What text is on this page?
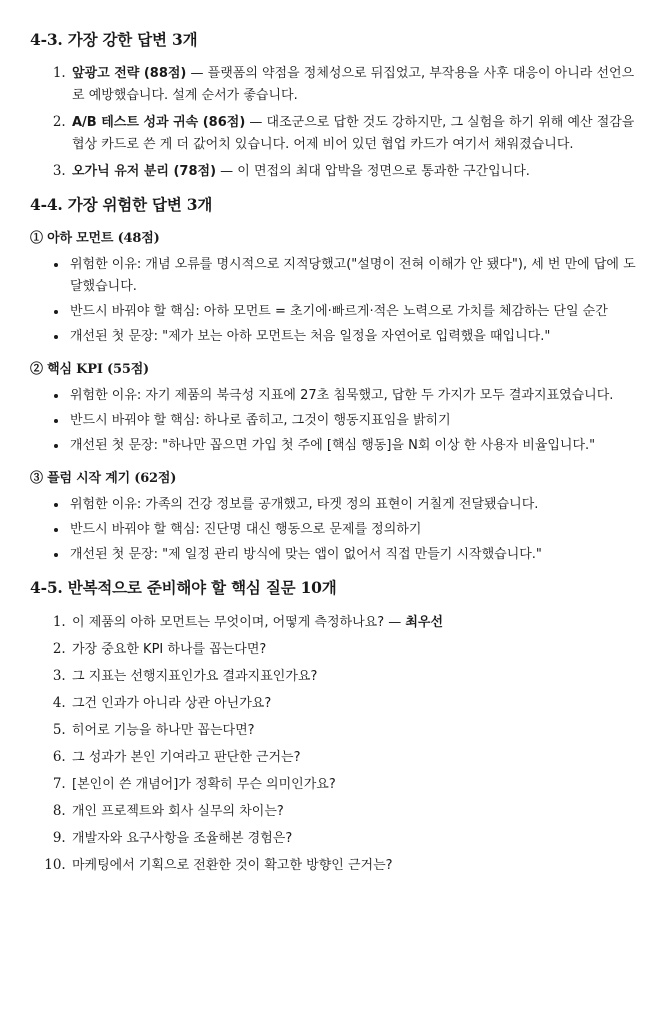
4-3. 가장 강한 답변 3개
1. 앞광고 전략 (88점) — 플랫폼의 약점을 정체성으로 뒤집었고, 부작용을 사후 대응이 아니라 선언으로 예방했습니다. 설계 순서가 좋습니다.
2. A/B 테스트 성과 귀속 (86점) — 대조군으로 답한 것도 강하지만, 그 실험을 하기 위해 예산 절감을 협상 카드로 쓴 게 더 값어치 있습니다. 어제 비어 있던 협업 카드가 여기서 채워졌습니다.
3. 오가닉 유저 분리 (78점) — 이 면접의 최대 압박을 정면으로 통과한 구간입니다.
4-4. 가장 위험한 답변 3개
① 아하 모먼트 (48점)
• 위험한 이유: 개념 오류를 명시적으로 지적당했고("설명이 전혀 이해가 안 됐다"), 세 번 만에 답에 도달했습니다.
• 반드시 바꿔야 할 핵심: 아하 모먼트 = 초기에·빠르게·적은 노력으로 가치를 체감하는 단일 순간
• 개선된 첫 문장: "제가 보는 아하 모먼트는 처음 일정을 자연어로 입력했을 때입니다."
② 핵심 KPI (55점)
• 위험한 이유: 자기 제품의 북극성 지표에 27초 침묵했고, 답한 두 가지가 모두 결과지표였습니다.
• 반드시 바꿔야 할 핵심: 하나로 좁히고, 그것이 행동지표임을 밝히기
• 개선된 첫 문장: "하나만 꼽으면 가입 첫 주에 [핵심 행동]을 N회 이상 한 사용자 비율입니다."
③ 플럼 시작 계기 (62점)
• 위험한 이유: 가족의 건강 정보를 공개했고, 타겟 정의 표현이 거칠게 전달됐습니다.
• 반드시 바꿔야 할 핵심: 진단명 대신 행동으로 문제를 정의하기
• 개선된 첫 문장: "제 일정 관리 방식에 맞는 앱이 없어서 직접 만들기 시작했습니다."
4-5. 반복적으로 준비해야 할 핵심 질문 10개
1. 이 제품의 아하 모먼트는 무엇이며, 어떻게 측정하나요? — 최우선
2. 가장 중요한 KPI 하나를 꼽는다면?
3. 그 지표는 선행지표인가요 결과지표인가요?
4. 그건 인과가 아니라 상관 아닌가요?
5. 히어로 기능을 하나만 꼽는다면?
6. 그 성과가 본인 기여라고 판단한 근거는?
7. [본인이 쓴 개념어]가 정확히 무슨 의미인가요?
8. 개인 프로젝트와 회사 실무의 차이는?
9. 개발자와 요구사항을 조율해본 경험은?
10. 마케팅에서 기획으로 전환한 것이 확고한 방향인 근거는?
